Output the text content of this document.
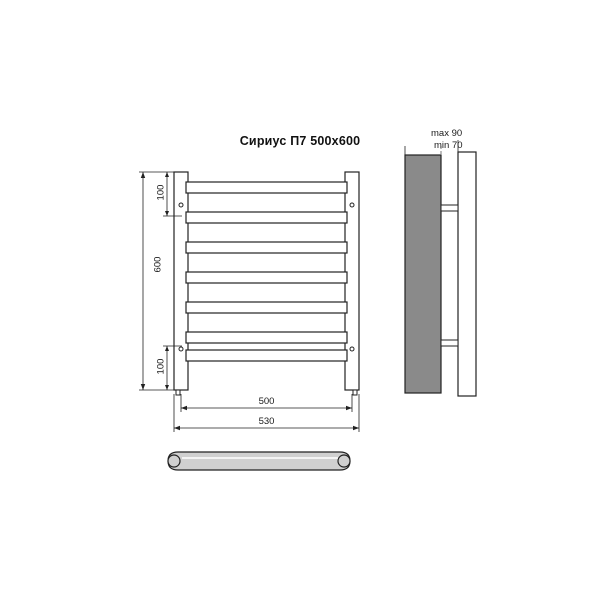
Сириус П7 500x600
600
100
100
500
530
max 90
min 70
